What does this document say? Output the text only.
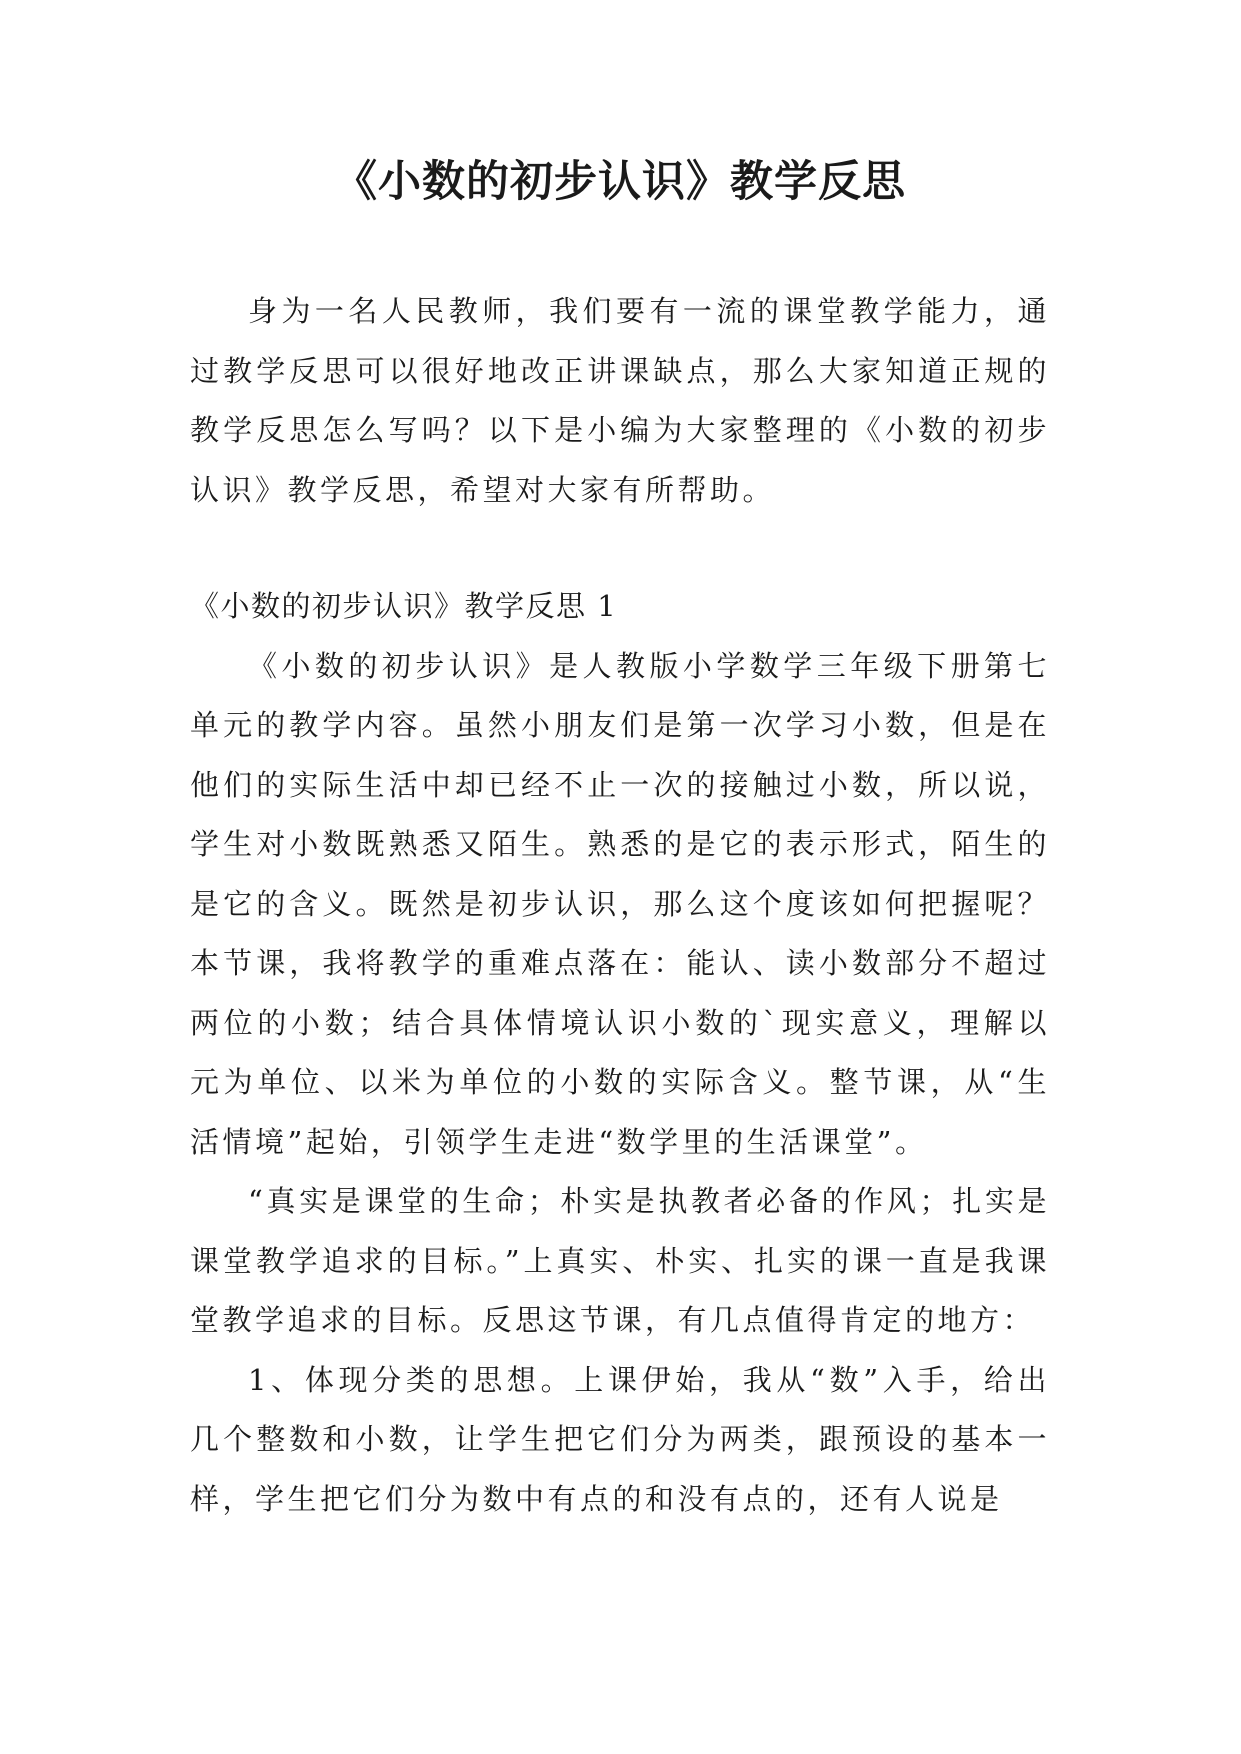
《小数的初步认识》教学反思

身为一名人民教师，我们要有一流的课堂教学能力，通过教学反思可以很好地改正讲课缺点，那么大家知道正规的教学反思怎么写吗？以下是小编为大家整理的《小数的初步认识》教学反思，希望对大家有所帮助。

《小数的初步认识》教学反思 1

《小数的初步认识》是人教版小学数学三年级下册第七单元的教学内容。虽然小朋友们是第一次学习小数，但是在他们的实际生活中却已经不止一次的接触过小数，所以说，学生对小数既熟悉又陌生。熟悉的是它的表示形式，陌生的是它的含义。既然是初步认识，那么这个度该如何把握呢？本节课，我将教学的重难点落在：能认、读小数部分不超过两位的小数；结合具体情境认识小数的`现实意义，理解以元为单位、以米为单位的小数的实际含义。整节课，从“生活情境”起始，引领学生走进“数学里的生活课堂”。

“真实是课堂的生命；朴实是执教者必备的作风；扎实是课堂教学追求的目标。”上真实、朴实、扎实的课一直是我课堂教学追求的目标。反思这节课，有几点值得肯定的地方：

1、体现分类的思想。上课伊始，我从“数”入手，给出几个整数和小数，让学生把它们分为两类，跟预设的基本一样，学生把它们分为数中有点的和没有点的，还有人说是
